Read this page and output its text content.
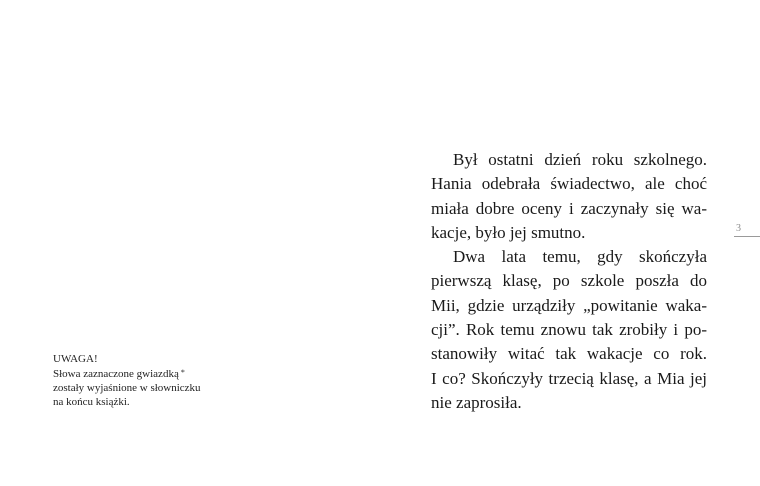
UWAGA!
Słowa zaznaczone gwiazdką *
zostały wyjaśnione w słowniczku
na końcu książki.
Był ostatni dzień roku szkolnego.
Hania odebrała świadectwo, ale choć
miała dobre oceny i zaczynały się wa-
kacje, było jej smutno.
Dwa lata temu, gdy skończyła
pierwszą klasę, po szkole poszła do
Mii, gdzie urządziły „powitanie waka-
cji”. Rok temu znowu tak zrobiły i po-
stanowiły witać tak wakacje co rok.
I co? Skończyły trzecią klasę, a Mia jej
nie zaprosiła.
3
